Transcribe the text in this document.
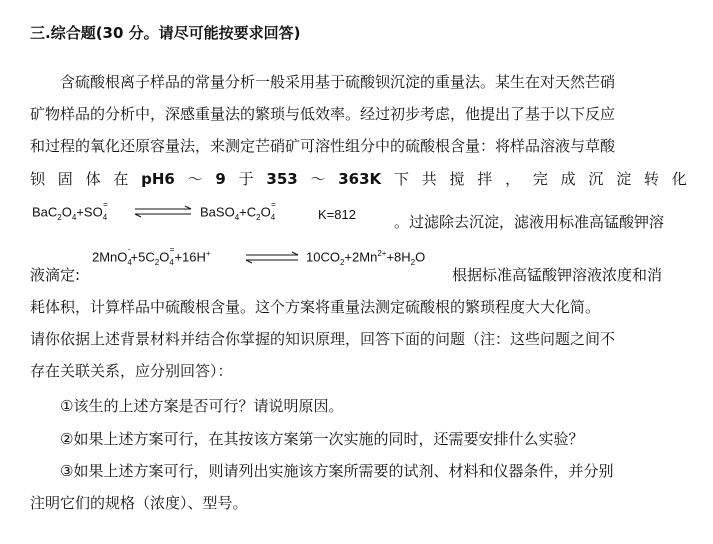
三.综合题(30 分。请尽可能按要求回答)
含硫酸根离子样品的常量分析一般采用基于硫酸钡沉淀的重量法。某生在对天然芒硝
矿物样品的分析中，深感重量法的繁琐与低效率。经过初步考虑，他提出了基于以下反应
和过程的氧化还原容量法，来测定芒硝矿可溶性组分中的硫酸根含量：将样品溶液与草酸
钡 固 体 在 pH6 ～ 9 于 353 ～ 363K 下 共 搅 拌 ， 完 成 沉 淀 转 化
$BaC_2O_4+SO_4^=$ ⇌ $BaSO_4+C_2O_4^=$
K=812	。过滤除去沉淀，滤液用标准高锰酸钾溶
$2MnO_4^-+5C_2O_4^=+16H^+$ ⇌ $10CO_2+2Mn^{2+}+8H_2O$
液滴定:	根据标准高锰酸钾溶液浓度和消
耗体积，计算样品中硫酸根含量。这个方案将重量法测定硫酸根的繁琐程度大大化简。
请你依据上述背景材料并结合你掌握的知识原理，回答下面的问题（注：这些问题之间不
存在关联关系，应分别回答）：
①该生的上述方案是否可行？请说明原因。
②如果上述方案可行，在其按该方案第一次实施的同时，还需要安排什么实验？
③如果上述方案可行，则请列出实施该方案所需要的试剂、材料和仪器条件，并分别
注明它们的规格（浓度）、型号。
